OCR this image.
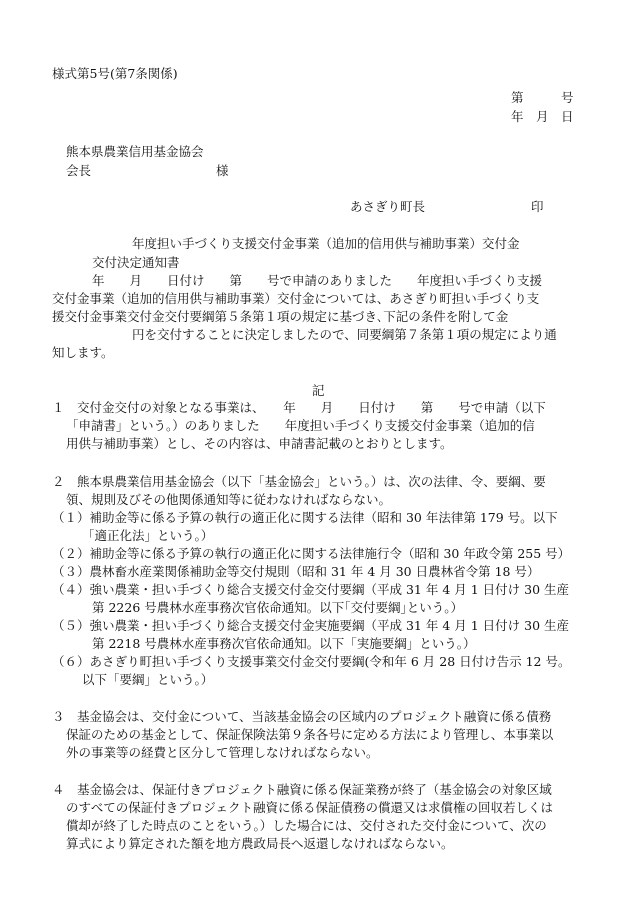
様式第5号(第7条関係)
第　　　号
年　月　日
熊本県農業信用基金協会
会長　　　　　　　　　　様
あさぎり町長	印
年度担い手づくり支援交付金事業（追加的信用供与補助事業）交付金
交付決定通知書
年　　月　　日付け　　第　　号で申請のありました　　年度担い手づくり支援
交付金事業（追加的信用供与補助事業）交付金については、あさぎり町担い手づくり支
援交付金事業交付金交付要綱第５条第１項の規定に基づき､下記の条件を附して金
円を交付することに決定しましたので、同要綱第７条第１項の規定により通
知します。
記
１　交付金交付の対象となる事業は、　　年　　月　　日付け　　第　　号で申請（以下
「申請書」という。）のありました　　年度担い手づくり支援交付金事業（追加的信
用供与補助事業）とし、その内容は、申請書記載のとおりとします。
２　熊本県農業信用基金協会（以下「基金協会」という。）は、次の法律、令、要綱、要
領、規則及びその他関係通知等に従わなければならない。
（１）補助金等に係る予算の執行の適正化に関する法律（昭和 30 年法律第 179 号。以下
「適正化法」という。）
（２）補助金等に係る予算の執行の適正化に関する法律施行令（昭和 30 年政令第 255 号）
（３）農林畜水産業関係補助金等交付規則（昭和 31 年 4 月 30 日農林省令第 18 号）
（４）強い農業・担い手づくり総合支援交付金交付要綱（平成 31 年 4 月 1 日付け 30 生産
第 2226 号農林水産事務次官依命通知。以下｢交付要綱｣という。）
（５）強い農業・担い手づくり総合支援交付金実施要綱（平成 31 年 4 月 1 日付け 30 生産
第 2218 号農林水産事務次官依命通知。以下「実施要綱」という。）
（６）あさぎり町担い手づくり支援事業交付金交付要綱(令和年 6 月 28 日付け告示 12 号。
以下「要綱」という。）
３　基金協会は、交付金について、当該基金協会の区域内のプロジェクト融資に係る債務
保証のための基金として、保証保険法第９条各号に定める方法により管理し、本事業以
外の事業等の経費と区分して管理しなければならない。
４　基金協会は、保証付きプロジェクト融資に係る保証業務が終了（基金協会の対象区域
のすべての保証付きプロジェクト融資に係る保証債務の償還又は求償権の回収若しくは
償却が終了した時点のことをいう。）した場合には、交付された交付金について、次の
算式により算定された額を地方農政局長へ返還しなければならない。
